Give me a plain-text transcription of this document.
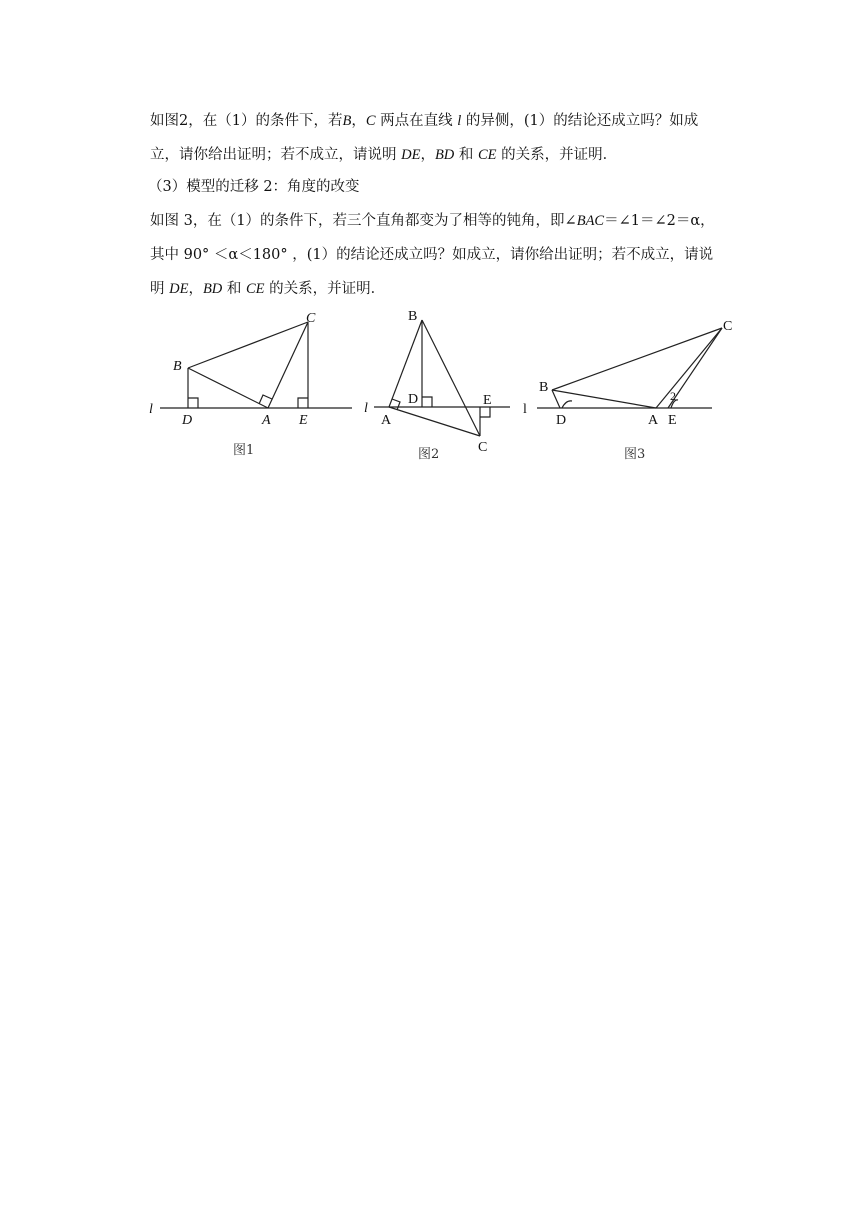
如图2，在（1）的条件下，若B，C 两点在直线 l 的异侧，(1）的结论还成立吗？如成
立，请你给出证明；若不成立，请说明 DE，BD 和 CE 的关系，并证明．
（3）模型的迁移 2：角度的改变
如图 3，在（1）的条件下，若三个直角都变为了相等的钝角，即∠BAC＝∠1＝∠2＝α，
其中 90° ＜α＜180° ，(1）的结论还成立吗？如成立，请你给出证明；若不成立，请说
明 DE，BD 和 CE 的关系，并证明．
l
B
C
D	A E
图1
l
B
C
D
A
E
图2
l
B
C
D	A E
2
图3
